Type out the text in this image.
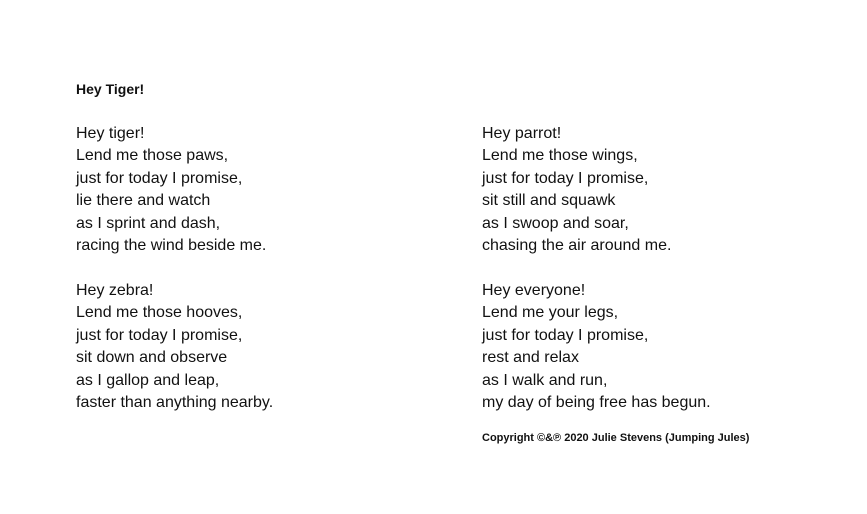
Hey Tiger!
Hey tiger!
Lend me those paws,
just for today I promise,
lie there and watch
as I sprint and dash,
racing the wind beside me.
Hey zebra!
Lend me those hooves,
just for today I promise,
sit down and observe
as I gallop and leap,
faster than anything nearby.
Hey parrot!
Lend me those wings,
just for today I promise,
sit still and squawk
as I swoop and soar,
chasing the air around me.
Hey everyone!
Lend me your legs,
just for today I promise,
rest and relax
as I walk and run,
my day of being free has begun.
Copyright ©&℗ 2020 Julie Stevens (Jumping Jules)
